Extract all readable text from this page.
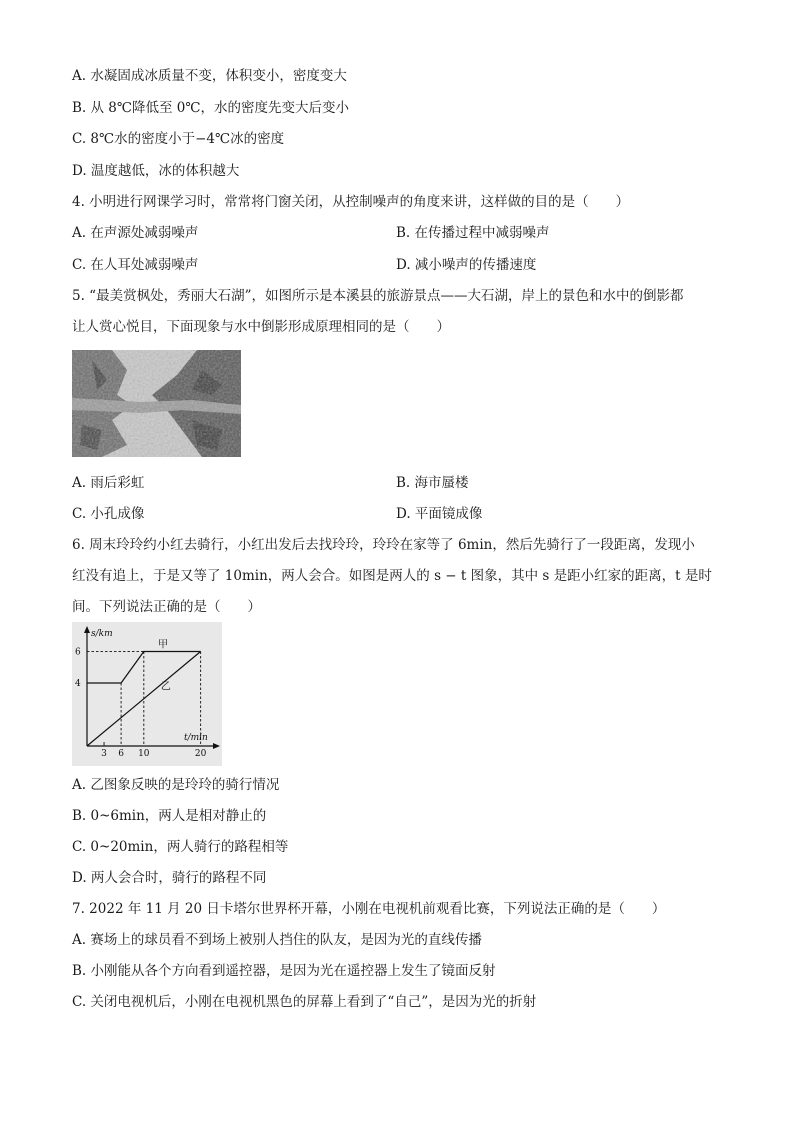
A. 水凝固成冰质量不变，体积变小，密度变大
B. 从 8℃降低至 0℃，水的密度先变大后变小
C. 8℃水的密度小于−4℃冰的密度
D. 温度越低，冰的体积越大
4. 小明进行网课学习时，常常将门窗关闭，从控制噪声的角度来讲，这样做的目的是（　　）
A. 在声源处减弱噪声	B. 在传播过程中减弱噪声
C. 在人耳处减弱噪声	D. 减小噪声的传播速度
5. “最美赏枫处，秀丽大石湖”，如图所示是本溪县的旅游景点——大石湖，岸上的景色和水中的倒影都
让人赏心悦目，下面现象与水中倒影形成原理相同的是（　　）
A. 雨后彩虹	B. 海市蜃楼
C. 小孔成像	D. 平面镜成像
6. 周末玲玲约小红去骑行，小红出发后去找玲玲，玲玲在家等了 6min，然后先骑行了一段距离，发现小
红没有追上，于是又等了 10min，两人会合。如图是两人的 s − t 图象，其中 s 是距小红家的距离，t 是时
间。下列说法正确的是（　　）
s/km
t/min
甲
乙
4
6
3 6 10	20
A. 乙图象反映的是玲玲的骑行情况
B. 0~6min，两人是相对静止的
C. 0~20min，两人骑行的路程相等
D. 两人会合时，骑行的路程不同
7. 2022 年 11 月 20 日卡塔尔世界杯开幕，小刚在电视机前观看比赛，下列说法正确的是（　　）
A. 赛场上的球员看不到场上被别人挡住的队友，是因为光的直线传播
B. 小刚能从各个方向看到遥控器，是因为光在遥控器上发生了镜面反射
C. 关闭电视机后，小刚在电视机黑色的屏幕上看到了“自己”，是因为光的折射
